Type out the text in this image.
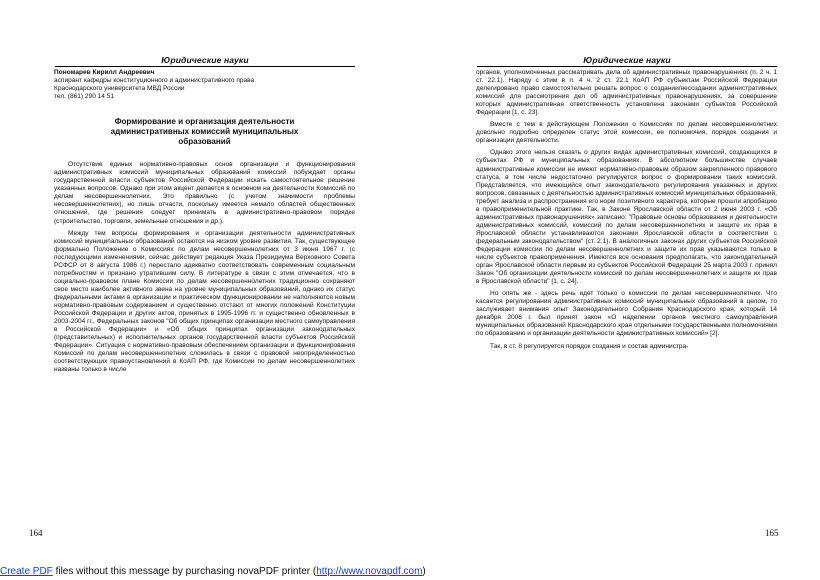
Юридические науки

Пономарев Кирилл Андреевич

аспирант кафедры конституционного и административного права

Краснодарского университета МВД России

тел. (861) 290 14 51

Формирование и организация деятельности
административных комиссий муниципальных
образований

Отсутствие единых нормативно-правовых основ организации и функционирования административных комиссий муниципальных образований комиссий побуждает органы государственной власти субъектов Российской Федерации искать самостоятельное решение указанных вопросов. Однако при этом акцент делается в основном на деятельности Комиссий по делам несовершеннолетних. Это правильно (с учетом значимости проблемы несовершеннолетних), но лишь отчасти, поскольку имеется немало областей общественных отношений, где решения следует принимать в административно-правовом порядке (строительство, торговля, земельные отношения и др.).

Между тем вопросы формирования и организации деятельности административных комиссий муниципальных образований остаются на низком уровне развития. Так, существующее формально Положение о Комиссиях по делам несовершеннолетних от 3 июня 1967 г. (с последующими изменениями, сейчас действует редакция Указа Президиума Верховного Совета РСФСР от 8 августа 1986 г.) перестало адекватно соответствовать современным социальным потребностям и признано утратившим силу. В литературе в связи с этим отмечается, что в социально-правовом плане Комиссии по делам несовершеннолетних традиционно сохраняют свое место наиболее активного звена на уровне муниципальных образований, однако их статус федеральными актами в организации и практическом функционировании не наполняются новым нормативно-правовым содержанием и существенно отстают от многих положений Конституции Российской Федерации и других актов, принятых в 1995-1996 гг. и существенно обновленных в 2003-2004 гг., Федеральных законов "Об общих принципах организации местного самоуправления в Российской Федерации» и «Об общих принципах организации законодательных (представительных) и исполнительных органов государственной власти субъектов Российской Федерации». Ситуация с нормативно-правовым обеспечением организации и функционирования Комиссий по делам несовершеннолетних сложилась в связи с правовой неопределенностью соответствующих правоустановлений в КоАП РФ, где Комиссии по делам несовершеннолетних названы только в числе

164
Юридические науки

органов, уполномоченных рассматривать дела об административных правонарушениях (п. 2 ч. 1 ст. 22.1). Наряду с этим в п. 4 ч. 2 ст. 22.1 КоАП РФ субъектам Российской Федерации делегировано право самостоятельно решать вопрос о создании/несоздании административных комиссий для рассмотрения дел об административных правонарушениях, за совершение которых административная ответственность установлена законами субъектов Российской Федерации [1, с. 23].

Вместе с тем в действующем Положении о Комиссиях по делам несовершеннолетних довольно подробно определен статус этой комиссии, ее полномочия, порядок создания и организации деятельности.

Однако этого нельзя сказать о других видах административных комиссий, создающихся в субъектах РФ и муниципальных образованиях. В абсолютном большинстве случаев административные комиссии не имеют нормативно-правовым образом закрепленного правового статуса, в том числе недостаточно регулируется вопрос о формировании таких комиссий. Представляется, что имеющийся опыт законодательного регулирования указанных и других вопросов, связанных с деятельностью административных комиссий муниципальных образований, требует анализа и распространения его норм позитивного характера, которые прошли апробацию в правоприменительной практике. Так, в Законе Ярославской области от 2 июня 2003 г. «Об административных правонарушениях» записано: "Правовые основы образования и деятельности административных комиссий, комиссий по делам несовершеннолетних и защите их прав в Ярославской области устанавливаются законами Ярославской области в соответствии с федеральным законодательством" (ст. 2.1). В аналогичных законах других субъектов Российской Федерации комиссии по делам несовершеннолетних и защите их прав указываются только в числе субъектов правоприменения. Имеются все основания предполагать, что законодательный орган Ярославской области первым из субъектов Российской Федерации 25 марта 2003 г. принял Закон "Об организации деятельности комиссий по делам несовершеннолетних и защите их прав в Ярославской области" [1, с. 24].

Но опять же - здесь речь идет только о комиссии по делам несовершеннолетних. Что касается регулирования административных комиссий муниципальных образований в целом, то заслуживает внимания опыт Законодательного Собрания Краснодарского края, который 14 декабря 2006 г. был принят закон «О наделении органов местного самоуправления муниципальных образований Краснодарского края отдельными государственными полномочиями по образованию и организации деятельности административных комиссий» [2].

Так, в ст. 8 регулируется порядок создания и состав администра-

165
Create PDF files without this message by purchasing novaPDF printer (http://www.novapdf.com)
